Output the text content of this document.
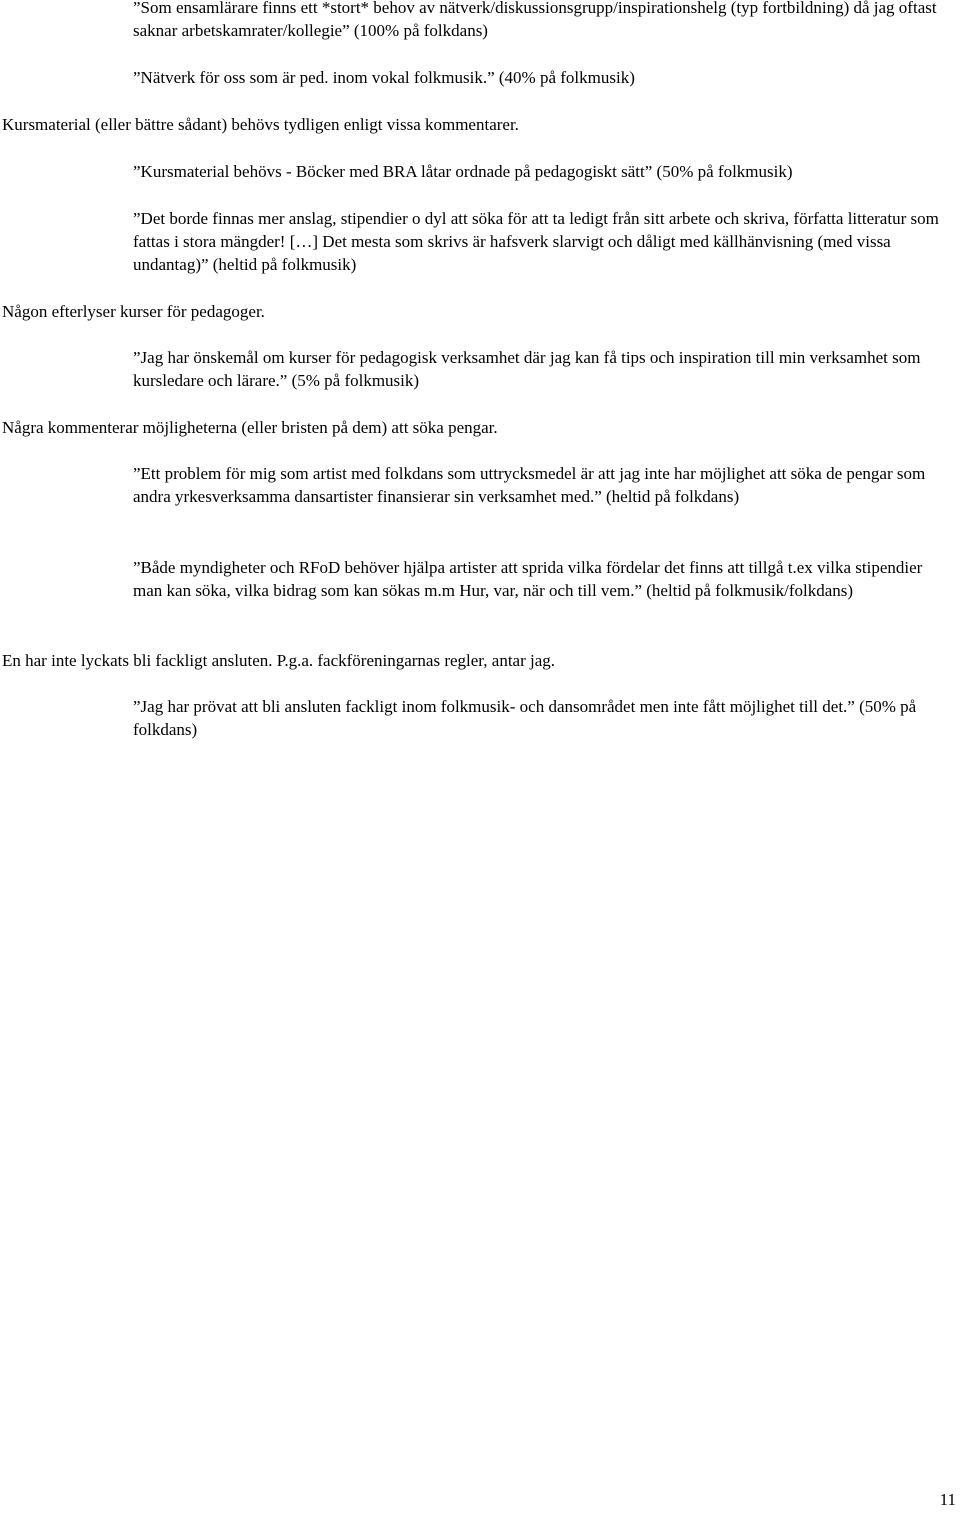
”Som ensamlärare finns ett *stort* behov av nätverk/diskussionsgrupp/inspirationshelg (typ fortbildning) då jag oftast saknar arbetskamrater/kollegie” (100% på folkdans)

”Nätverk för oss som är ped. inom vokal folkmusik.” (40% på folkmusik)

Kursmaterial (eller bättre sådant) behövs tydligen enligt vissa kommentarer.

”Kursmaterial behövs - Böcker med BRA låtar ordnade på pedagogiskt sätt” (50% på folkmusik)

”Det borde finnas mer anslag, stipendier o dyl att söka för att ta ledigt från sitt arbete och skriva, författa litteratur som fattas i stora mängder! […] Det mesta som skrivs är hafsverk slarvigt och dåligt med källhänvisning (med vissa undantag)” (heltid på folkmusik)

Någon efterlyser kurser för pedagoger.

”Jag har önskemål om kurser för pedagogisk verksamhet där jag kan få tips och inspiration till min verksamhet som kursledare och lärare.” (5% på folkmusik)

Några kommenterar möjligheterna (eller bristen på dem) att söka pengar.

”Ett problem för mig som artist med folkdans som uttrycksmedel är att jag inte har möjlighet att söka de pengar som andra yrkesverksamma dansartister finansierar sin verksamhet med.” (heltid på folkdans)

”Både myndigheter och RFoD behöver hjälpa artister att sprida vilka fördelar det finns att tillgå t.ex vilka stipendier man kan söka, vilka bidrag som kan sökas m.m Hur, var, när och till vem.” (heltid på folkmusik/folkdans)

En har inte lyckats bli fackligt ansluten. P.g.a. fackföreningarnas regler, antar jag.

”Jag har prövat att bli ansluten fackligt inom folkmusik- och dansområdet men inte fått möjlighet till det.” (50% på folkdans)

11
